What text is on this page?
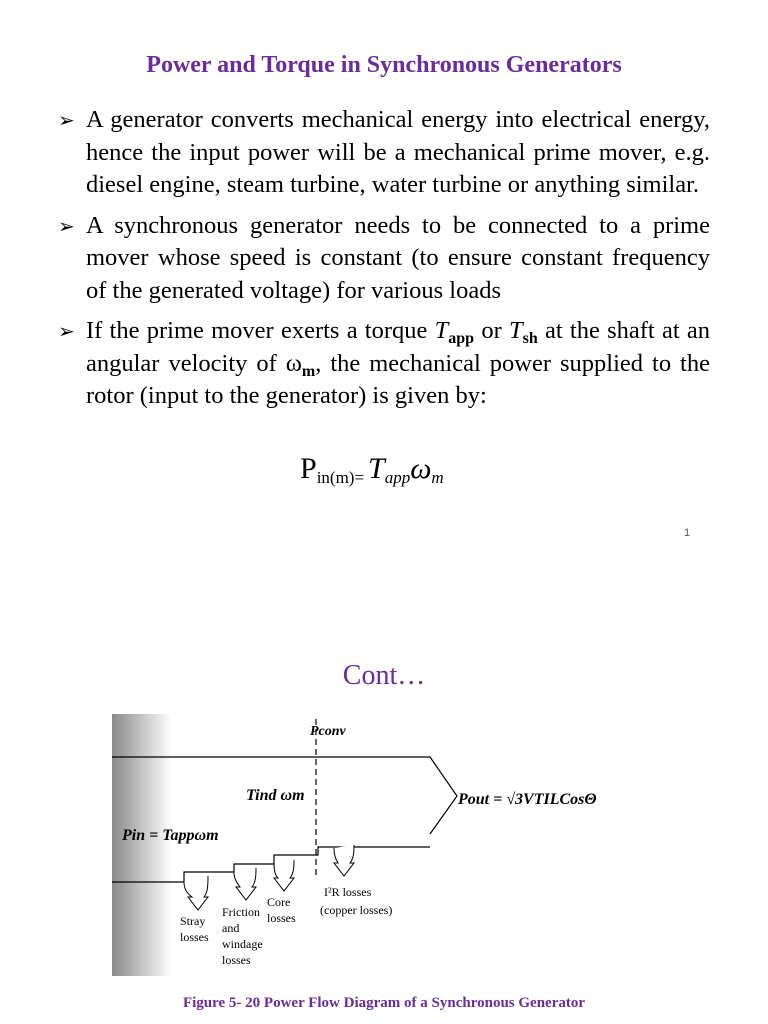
Power and Torque in Synchronous Generators
➢ A generator converts mechanical energy into electrical energy, hence the input power will be a mechanical prime mover, e.g. diesel engine, steam turbine, water turbine or anything similar.
➢ A synchronous generator needs to be connected to a prime mover whose speed is constant (to ensure constant frequency of the generated voltage) for various loads
➢ If the prime mover exerts a torque $T_{app}$ or $T_{sh}$ at the shaft at an angular velocity of $\omega_m$, the mechanical power supplied to the rotor (input to the generator) is given by:
$P_{in(m)=}$ $T_{app}\omega_m$
1
Cont…
Pconv
Tind ωm	Pout = √3VTILCosΘ
Pin = Tappωm
Stray
losses
Friction
and
windage
losses
Core
losses
I²R losses
(copper losses)
Figure 5- 20 Power Flow Diagram of a Synchronous Generator
